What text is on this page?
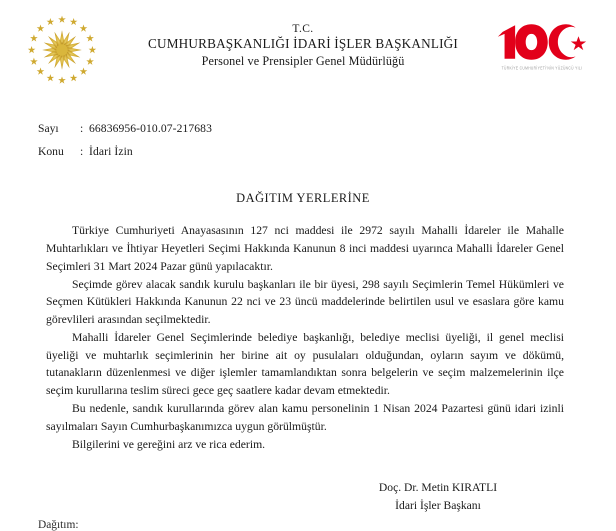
T.C.
CUMHURBAŞKANLIĞI İDARİ İŞLER BAŞKANLIĞI
Personel ve Prensipler Genel Müdürlüğü
TÜRKİYE CUMHURİYETİ'NİN YÜZÜNCÜ YILI
Sayı	: 66836956-010.07-217683
Konu	: İdari İzin
DAĞITIM YERLERİNE

Türkiye Cumhuriyeti Anayasasının 127 nci maddesi ile 2972 sayılı Mahalli İdareler ile Mahalle Muhtarlıkları ve İhtiyar Heyetleri Seçimi Hakkında Kanunun 8 inci maddesi uyarınca Mahalli İdareler Genel Seçimleri 31 Mart 2024 Pazar günü yapılacaktır.

Seçimde görev alacak sandık kurulu başkanları ile bir üyesi, 298 sayılı Seçimlerin Temel Hükümleri ve Seçmen Kütükleri Hakkında Kanunun 22 nci ve 23 üncü maddelerinde belirtilen usul ve esaslara göre kamu görevlileri arasından seçilmektedir.

Mahalli İdareler Genel Seçimlerinde belediye başkanlığı, belediye meclisi üyeliği, il genel meclisi üyeliği ve muhtarlık seçimlerinin her birine ait oy pusulaları olduğundan, oyların sayım ve dökümü, tutanakların düzenlenmesi ve diğer işlemler tamamlandıktan sonra belgelerin ve seçim malzemelerinin ilçe seçim kurullarına teslim süreci gece geç saatlere kadar devam etmektedir.

Bu nedenle, sandık kurullarında görev alan kamu personelinin 1 Nisan 2024 Pazartesi günü idari izinli sayılmaları Sayın Cumhurbaşkanımızca uygun görülmüştür.

Bilgilerini ve gereğini arz ve rica ederim.

Doç. Dr. Metin KIRATLI
İdari İşler Başkanı
Dağıtım:
